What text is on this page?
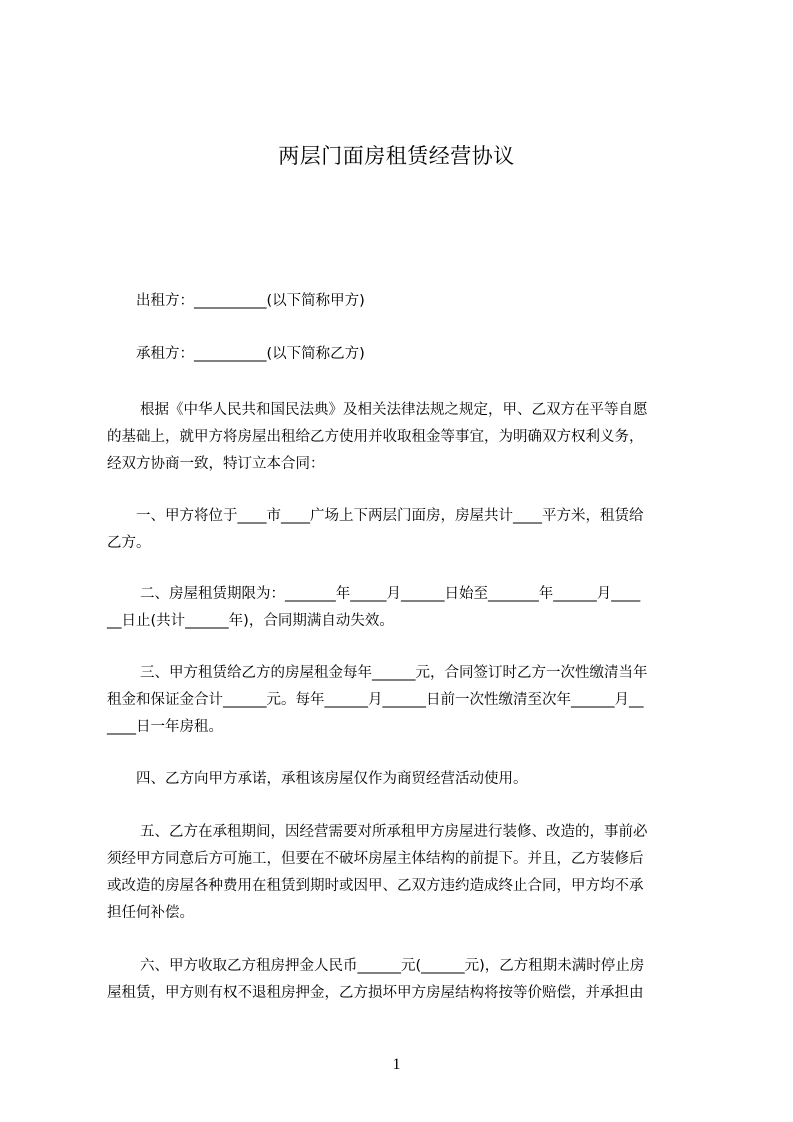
两层门面房租赁经营协议
出租方：__________(以下简称甲方)
承租方：__________(以下简称乙方)
根据《中华人民共和国民法典》及相关法律法规之规定，甲、乙双方在平等自愿
的基础上，就甲方将房屋出租给乙方使用并收取租金等事宜，为明确双方权利义务，
经双方协商一致，特订立本合同：
一、甲方将位于____市____广场上下两层门面房，房屋共计____平方米，租赁给
乙方。
二、房屋租赁期限为：_______年_____月______日始至_______年______月____
__日止(共计______年)，合同期满自动失效。
三、甲方租赁给乙方的房屋租金每年______元，合同签订时乙方一次性缴清当年
租金和保证金合计______元。每年______月______日前一次性缴清至次年______月__
____日一年房租。
四、乙方向甲方承诺，承租该房屋仅作为商贸经营活动使用。
五、乙方在承租期间，因经营需要对所承租甲方房屋进行装修、改造的，事前必
须经甲方同意后方可施工，但要在不破坏房屋主体结构的前提下。并且，乙方装修后
或改造的房屋各种费用在租赁到期时或因甲、乙双方违约造成终止合同，甲方均不承
担任何补偿。
六、甲方收取乙方租房押金人民币______元(______元)，乙方租期未满时停止房
屋租赁，甲方则有权不退租房押金，乙方损坏甲方房屋结构将按等价赔偿，并承担由
1
